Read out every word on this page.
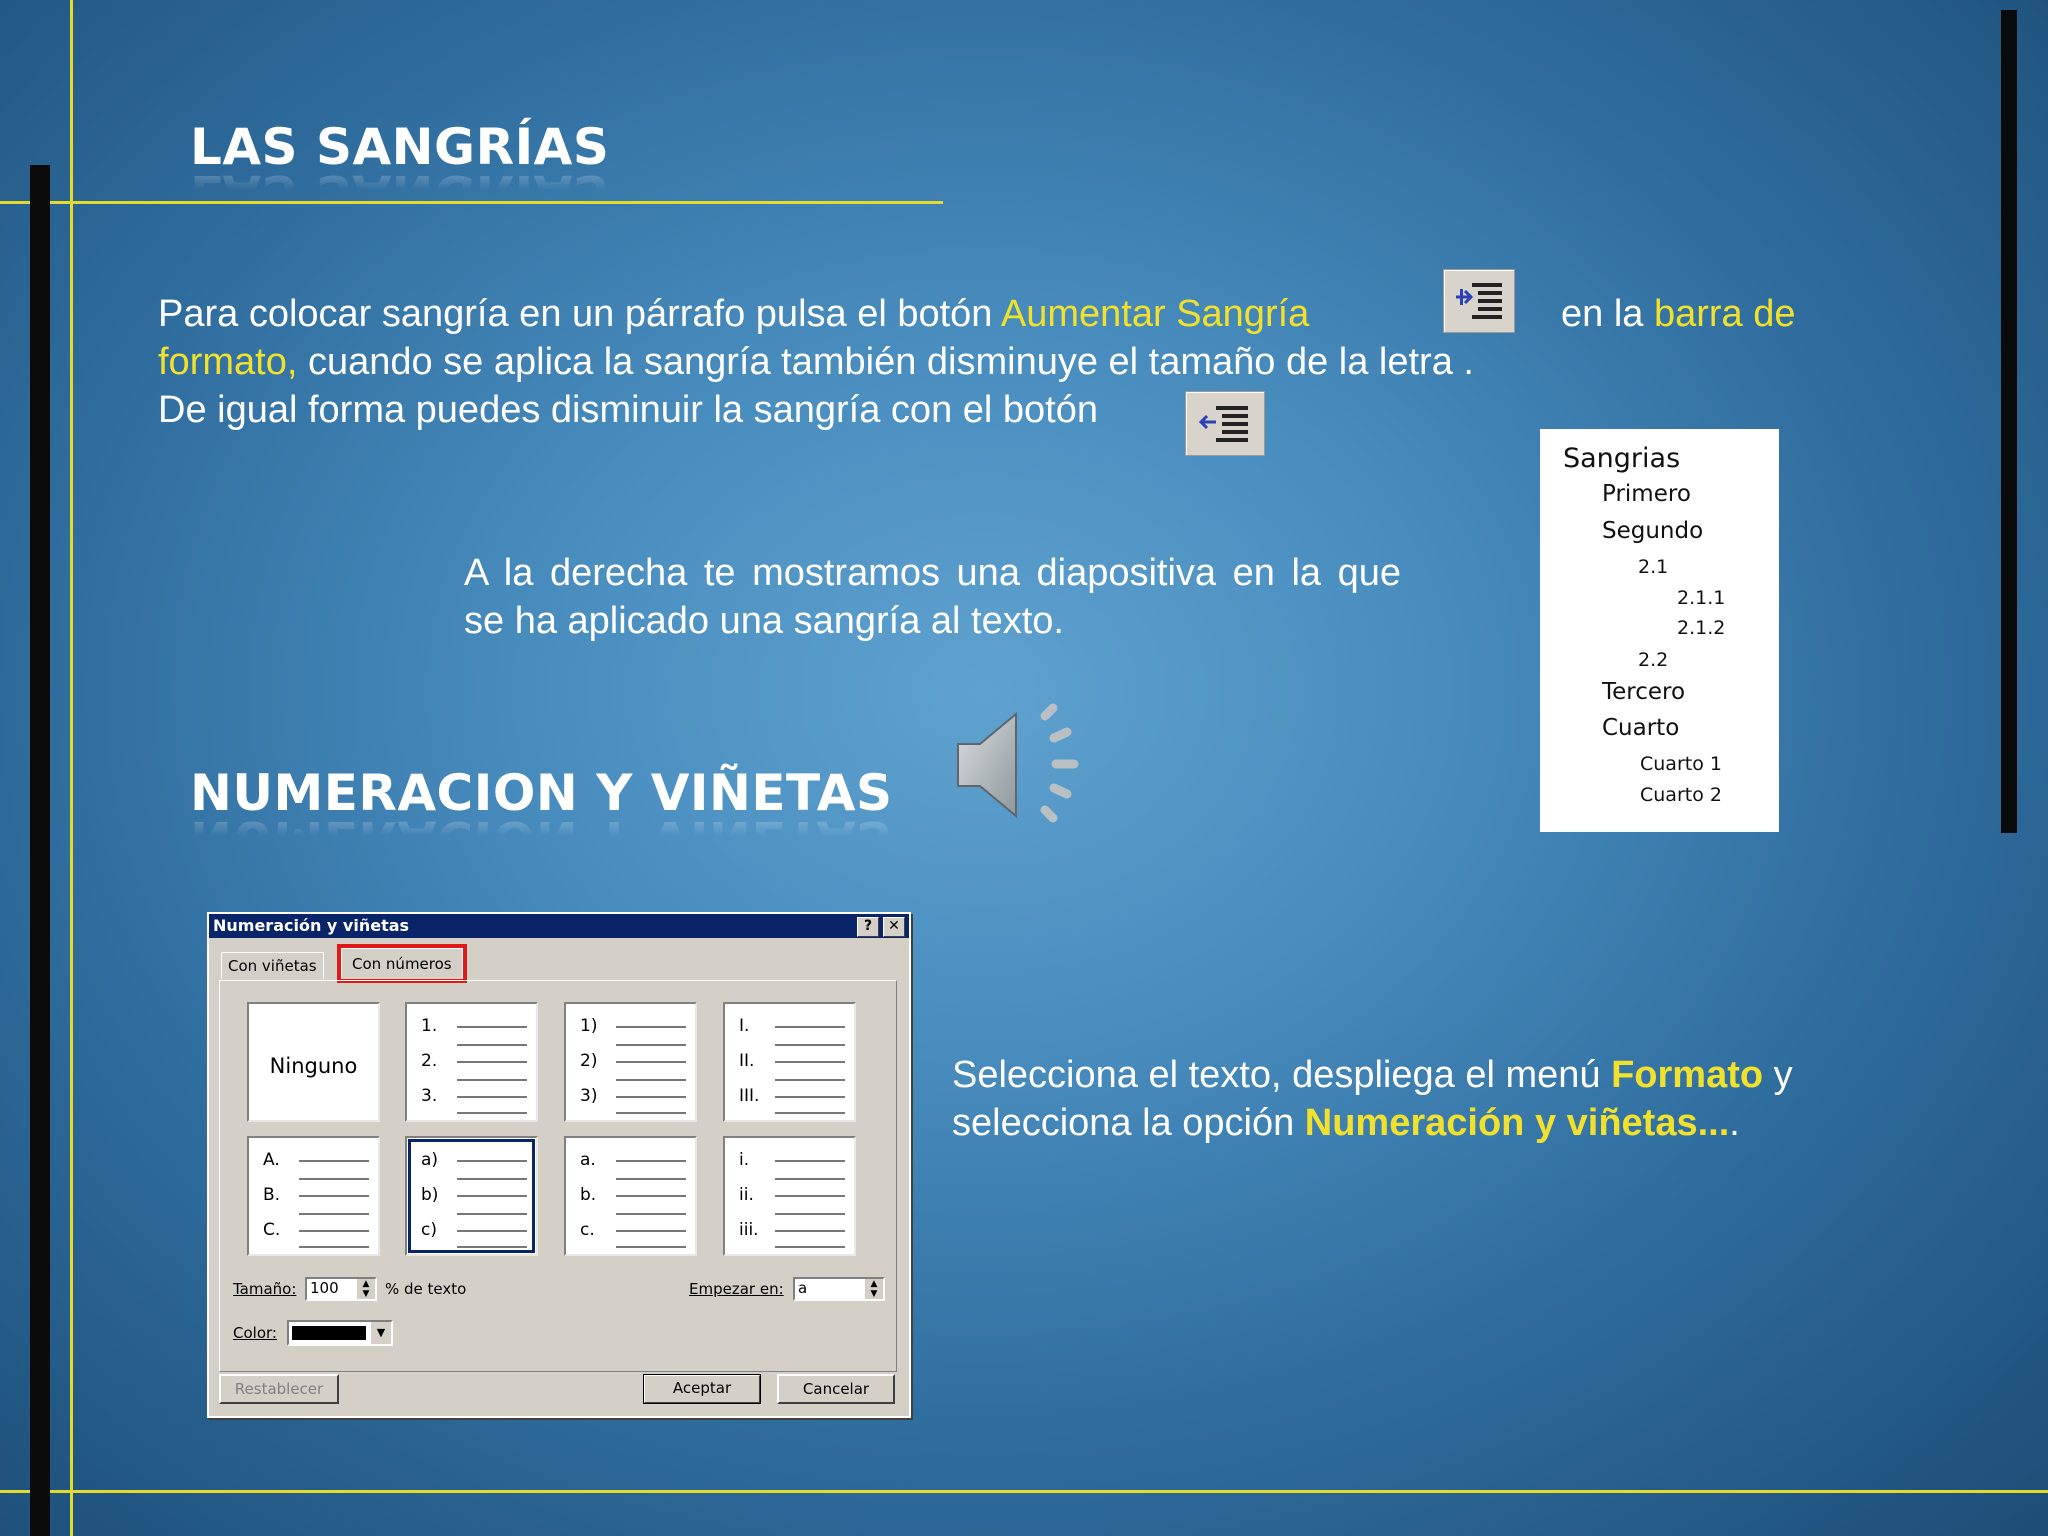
LAS SANGRÍAS
Para colocar sangría en un párrafo pulsa el botón Aumentar Sangría	en la barra de
formato, cuando se aplica la sangría también disminuye el tamaño de la letra .
De igual forma puedes disminuir la sangría con el botón
A la derecha te mostramos una diapositiva en la que
se ha aplicado una sangría al texto.
Sangrias
Primero
Segundo
2.1
2.1.1
2.1.2
2.2
Tercero
Cuarto
Cuarto 1
Cuarto 2
NUMERACION Y VIÑETAS
Selecciona el texto, despliega el menú Formato y
selecciona la opción Numeración y viñetas....
Numeración y viñetas	?	✕
Con viñetas	Con números
Ninguno
1.
2.
3.
1)
2)
3)
I.
II.
III.
A.
B.
C.
a)
b)
c)
a.
b.
c.
i.
ii.
iii.
Tamaño: 100	▲
▼	% de texto	Empezar en: a	▲
▼
Color:	▼
Restablecer	Aceptar	Cancelar
